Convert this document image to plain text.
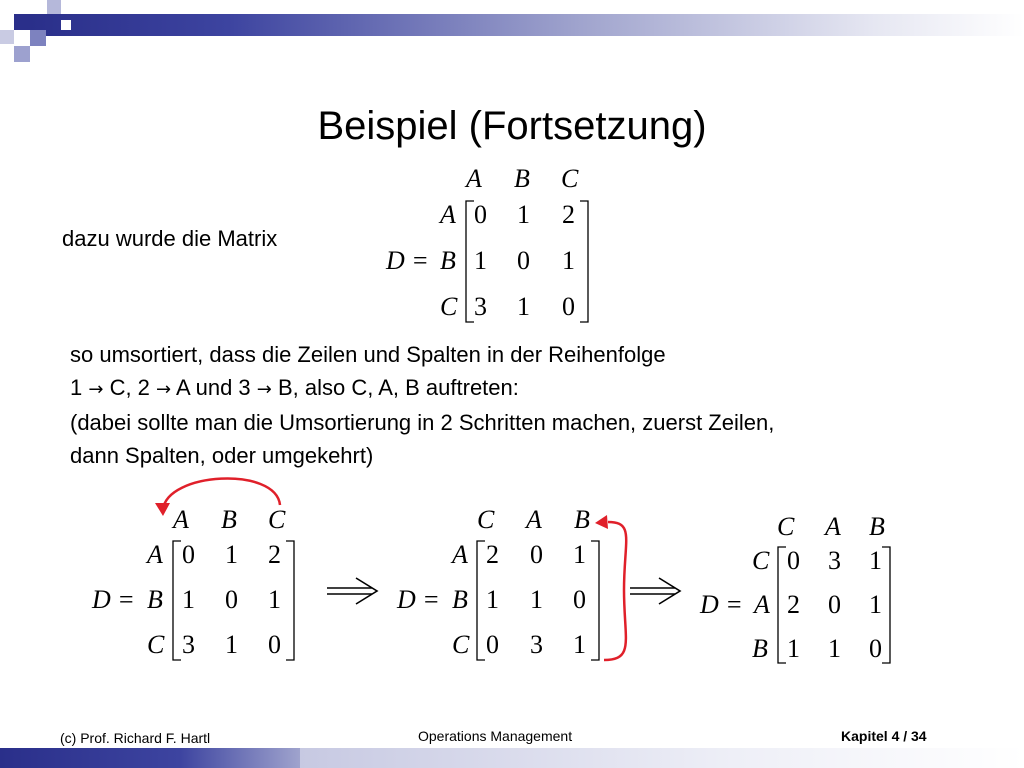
Beispiel (Fortsetzung)
dazu wurde die Matrix
A B C
A
D = B
C
0 1 2
1 0 1
3 1 0
so umsortiert, dass die Zeilen und Spalten in der Reihenfolge
1 → C, 2 → A und 3 → B, also C, A, B auftreten:
(dabei sollte man die Umsortierung in 2 Schritten machen, zuerst Zeilen,
dann Spalten, oder umgekehrt)
A B C
A
D = B
C
0 1 2
1 0 1
3 1 0
C A B
A
D = B
C
2 0 1
1 1 0
0 3 1
C A B
C
D = A
B
0 3 1
2 0 1
1 1 0
(c) Prof. Richard F. Hartl	Operations Management	Kapitel 4 / 34
